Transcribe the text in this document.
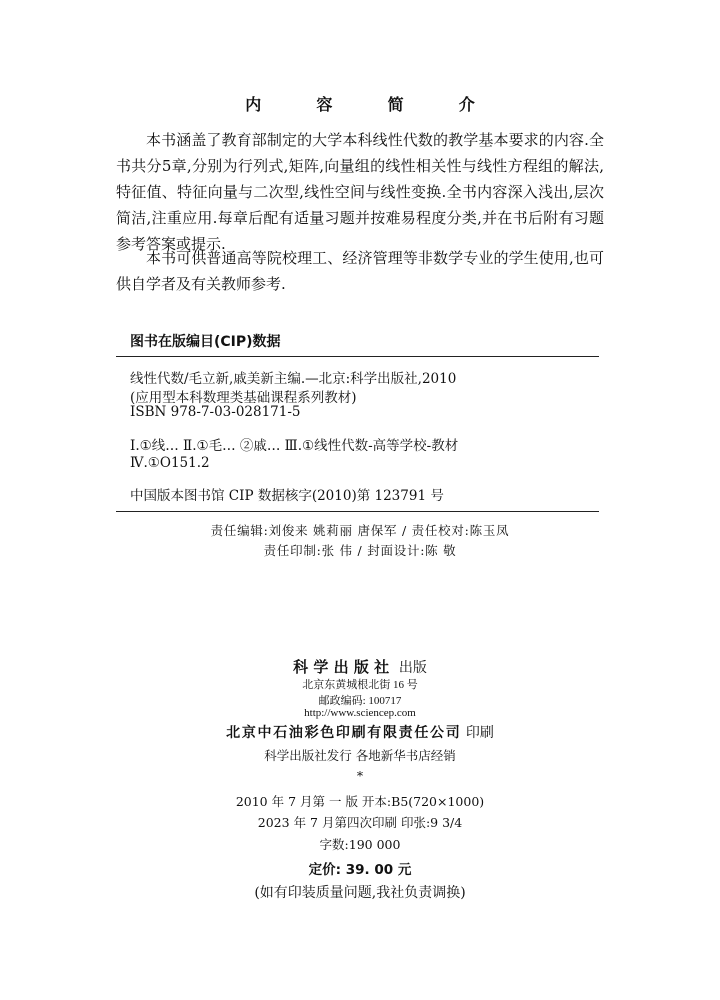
内 容 简 介

本书涵盖了教育部制定的大学本科线性代数的教学基本要求的内容.全书共分5章,分别为行列式,矩阵,向量组的线性相关性与线性方程组的解法,特征值、特征向量与二次型,线性空间与线性变换.全书内容深入浅出,层次简洁,注重应用.每章后配有适量习题并按难易程度分类,并在书后附有习题参考答案或提示.

本书可供普通高等院校理工、经济管理等非数学专业的学生使用,也可供自学者及有关教师参考.

图书在版编目(CIP)数据
线性代数/毛立新,戚美新主编.—北京:科学出版社,2010
(应用型本科数理类基础课程系列教材)
ISBN 978-7-03-028171-5
Ⅰ.①线… Ⅱ.①毛… ②戚… Ⅲ.①线性代数-高等学校-教材
Ⅳ.①O151.2
中国版本图书馆 CIP 数据核字(2010)第 123791 号
责任编辑:刘俊来 姚莉丽 唐保军 / 责任校对:陈玉凤
责任印制:张 伟 / 封面设计:陈 敬
科学出版社 出版
北京东黄城根北街 16 号
邮政编码: 100717
http://www.sciencep.com
北京中石油彩色印刷有限责任公司 印刷
科学出版社发行 各地新华书店经销
*
2010 年 7 月第 一 版 开本:B5(720×1000)
2023 年 7 月第四次印刷 印张:9 3/4
字数:190 000
定价: 39. 00 元
(如有印装质量问题,我社负责调换)
